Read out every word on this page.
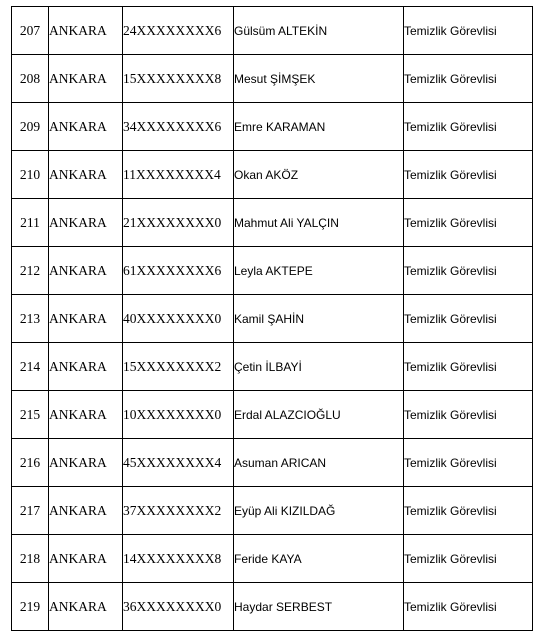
207	ANKARA	24XXXXXXXX6	Gülsüm ALTEKİN	Temizlik Görevlisi
208	ANKARA	15XXXXXXXX8	Mesut ŞİMŞEK	Temizlik Görevlisi
209	ANKARA	34XXXXXXXX6	Emre KARAMAN	Temizlik Görevlisi
210	ANKARA	11XXXXXXXX4	Okan AKÖZ	Temizlik Görevlisi
211	ANKARA	21XXXXXXXX0	Mahmut Ali YALÇIN	Temizlik Görevlisi
212	ANKARA	61XXXXXXXX6	Leyla AKTEPE	Temizlik Görevlisi
213	ANKARA	40XXXXXXXX0	Kamil ŞAHİN	Temizlik Görevlisi
214	ANKARA	15XXXXXXXX2	Çetin İLBAYİ	Temizlik Görevlisi
215	ANKARA	10XXXXXXXX0	Erdal ALAZCIOĞLU	Temizlik Görevlisi
216	ANKARA	45XXXXXXXX4	Asuman ARICAN	Temizlik Görevlisi
217	ANKARA	37XXXXXXXX2	Eyüp Ali KIZILDAĞ	Temizlik Görevlisi
218	ANKARA	14XXXXXXXX8	Feride KAYA	Temizlik Görevlisi
219	ANKARA	36XXXXXXXX0	Haydar SERBEST	Temizlik Görevlisi
